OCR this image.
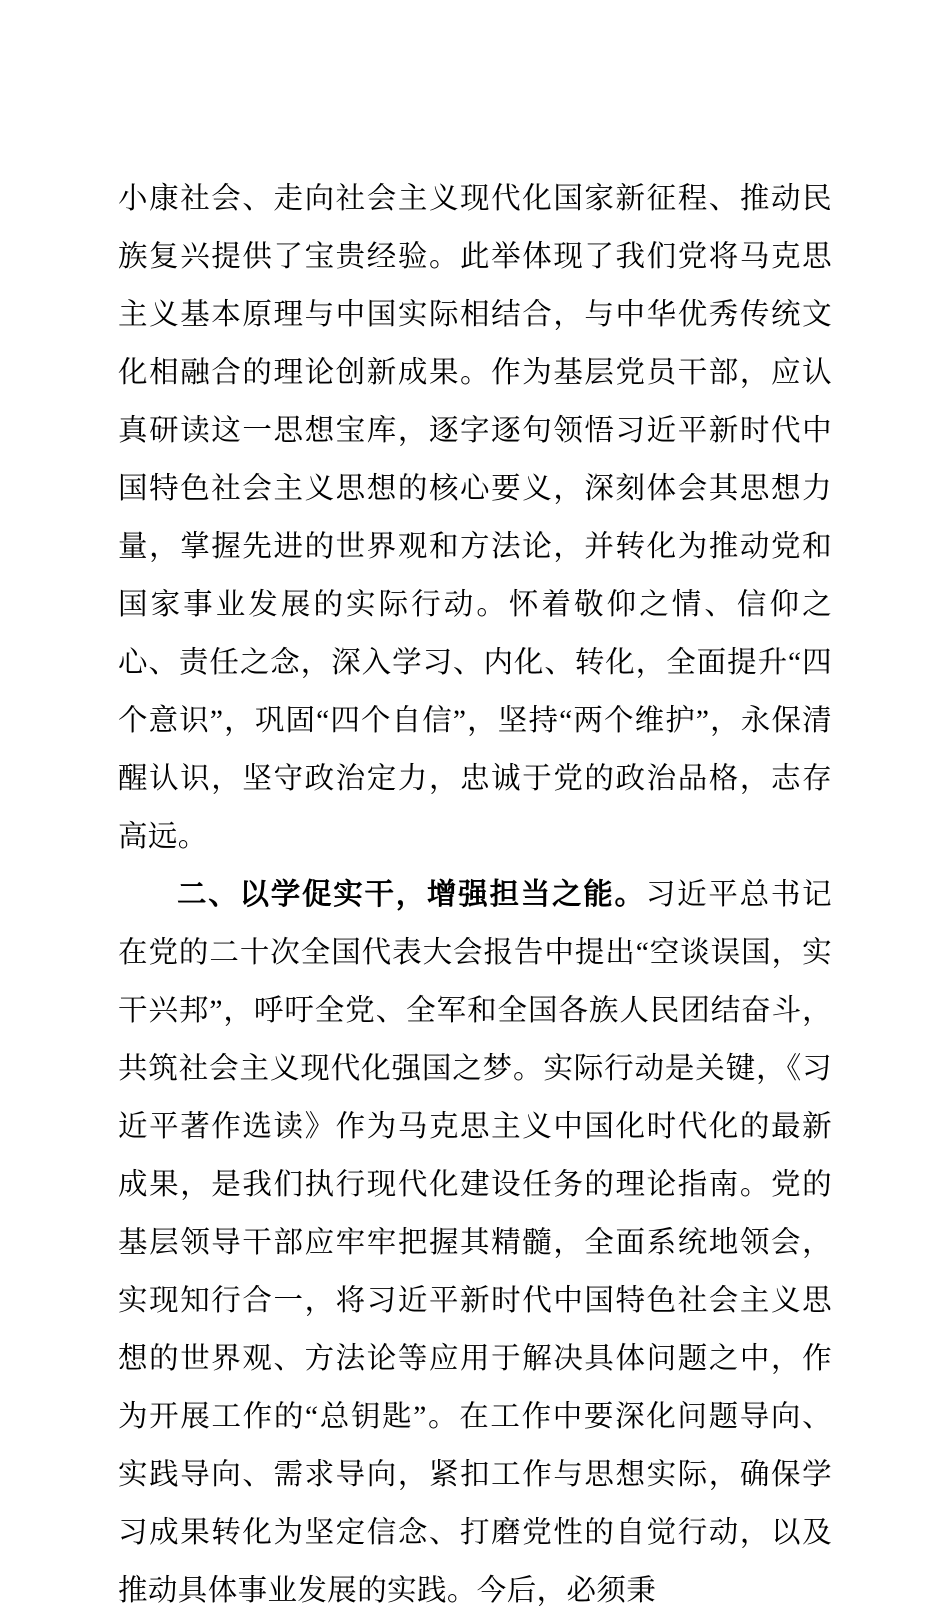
小康社会、走向社会主义现代化国家新征程、推动民族复兴提供了宝贵经验。此举体现了我们党将马克思主义基本原理与中国实际相结合，与中华优秀传统文化相融合的理论创新成果。作为基层党员干部，应认真研读这一思想宝库，逐字逐句领悟习近平新时代中国特色社会主义思想的核心要义，深刻体会其思想力量，掌握先进的世界观和方法论，并转化为推动党和国家事业发展的实际行动。怀着敬仰之情、信仰之心、责任之念，深入学习、内化、转化，全面提升“四个意识”，巩固“四个自信”，坚持“两个维护”，永保清醒认识，坚守政治定力，忠诚于党的政治品格，志存高远。

二、以学促实干，增强担当之能。习近平总书记在党的二十次全国代表大会报告中提出“空谈误国，实干兴邦”，呼吁全党、全军和全国各族人民团结奋斗，共筑社会主义现代化强国之梦。实际行动是关键，《习近平著作选读》作为马克思主义中国化时代化的最新成果，是我们执行现代化建设任务的理论指南。党的基层领导干部应牢牢把握其精髓，全面系统地领会，实现知行合一，将习近平新时代中国特色社会主义思想的世界观、方法论等应用于解决具体问题之中，作为开展工作的“总钥匙”。在工作中要深化问题导向、实践导向、需求导向，紧扣工作与思想实际，确保学习成果转化为坚定信念、打磨党性的自觉行动，以及推动具体事业发展的实践。今后，必须秉
